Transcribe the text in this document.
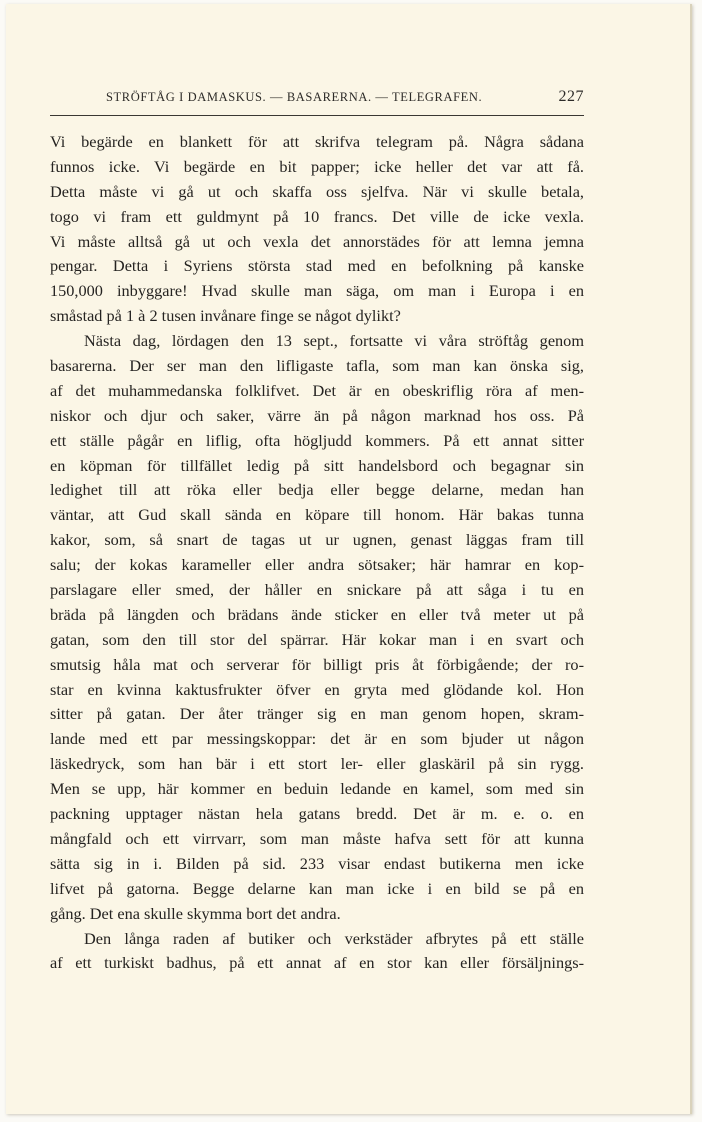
STRÖFTÅG I DAMASKUS. — BASARERNA. — TELEGRAFEN.	227
Vi begärde en blankett för att skrifva telegram på. Några sådana
funnos icke. Vi begärde en bit papper; icke heller det var att få.
Detta måste vi gå ut och skaffa oss sjelfva. När vi skulle betala,
togo vi fram ett guldmynt på 10 francs. Det ville de icke vexla.
Vi måste alltså gå ut och vexla det annorstädes för att lemna jemna
pengar. Detta i Syriens största stad med en befolkning på kanske
150,000 inbyggare! Hvad skulle man säga, om man i Europa i en
småstad på 1 à 2 tusen invånare finge se något dylikt?
Nästa dag, lördagen den 13 sept., fortsatte vi våra ströftåg genom
basarerna. Der ser man den lifligaste tafla, som man kan önska sig,
af det muhammedanska folklifvet. Det är en obeskriflig röra af men-
niskor och djur och saker, värre än på någon marknad hos oss. På
ett ställe pågår en liflig, ofta högljudd kommers. På ett annat sitter
en köpman för tillfället ledig på sitt handelsbord och begagnar sin
ledighet till att röka eller bedja eller begge delarne, medan han
väntar, att Gud skall sända en köpare till honom. Här bakas tunna
kakor, som, så snart de tagas ut ur ugnen, genast läggas fram till
salu; der kokas karameller eller andra sötsaker; här hamrar en kop-
parslagare eller smed, der håller en snickare på att såga i tu en
bräda på längden och brädans ände sticker en eller två meter ut på
gatan, som den till stor del spärrar. Här kokar man i en svart och
smutsig håla mat och serverar för billigt pris åt förbigående; der ro-
star en kvinna kaktusfrukter öfver en gryta med glödande kol. Hon
sitter på gatan. Der åter tränger sig en man genom hopen, skram-
lande med ett par messingskoppar: det är en som bjuder ut någon
läskedryck, som han bär i ett stort ler- eller glaskäril på sin rygg.
Men se upp, här kommer en beduin ledande en kamel, som med sin
packning upptager nästan hela gatans bredd. Det är m. e. o. en
mångfald och ett virrvarr, som man måste hafva sett för att kunna
sätta sig in i. Bilden på sid. 233 visar endast butikerna men icke
lifvet på gatorna. Begge delarne kan man icke i en bild se på en
gång. Det ena skulle skymma bort det andra.
Den långa raden af butiker och verkstäder afbrytes på ett ställe
af ett turkiskt badhus, på ett annat af en stor kan eller försäljnings-
